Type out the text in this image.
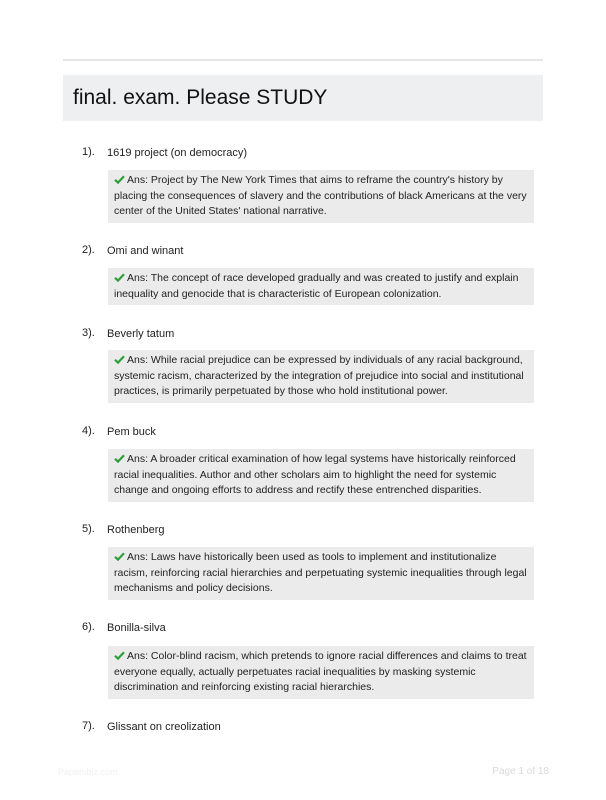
final. exam. Please STUDY
1).	1619 project (on democracy)
Ans: Project by The New York Times that aims to reframe the country's history by placing the consequences of slavery and the contributions of black Americans at the very center of the United States' national narrative.
2).	Omi and winant
Ans: The concept of race developed gradually and was created to justify and explain inequality and genocide that is characteristic of European colonization.
3).	Beverly tatum
Ans: While racial prejudice can be expressed by individuals of any racial background, systemic racism, characterized by the integration of prejudice into social and institutional practices, is primarily perpetuated by those who hold institutional power.
4).	Pem buck
Ans: A broader critical examination of how legal systems have historically reinforced racial inequalities. Author and other scholars aim to highlight the need for systemic change and ongoing efforts to address and rectify these entrenched disparities.
5).	Rothenberg
Ans: Laws have historically been used as tools to implement and institutionalize racism, reinforcing racial hierarchies and perpetuating systemic inequalities through legal mechanisms and policy decisions.
6).	Bonilla-silva
Ans: Color-blind racism, which pretends to ignore racial differences and claims to treat everyone equally, actually perpetuates racial inequalities by masking systemic discrimination and reinforcing existing racial hierarchies.
7).	Glissant on creolization
Papersbiz.com	Page 1 of 18
